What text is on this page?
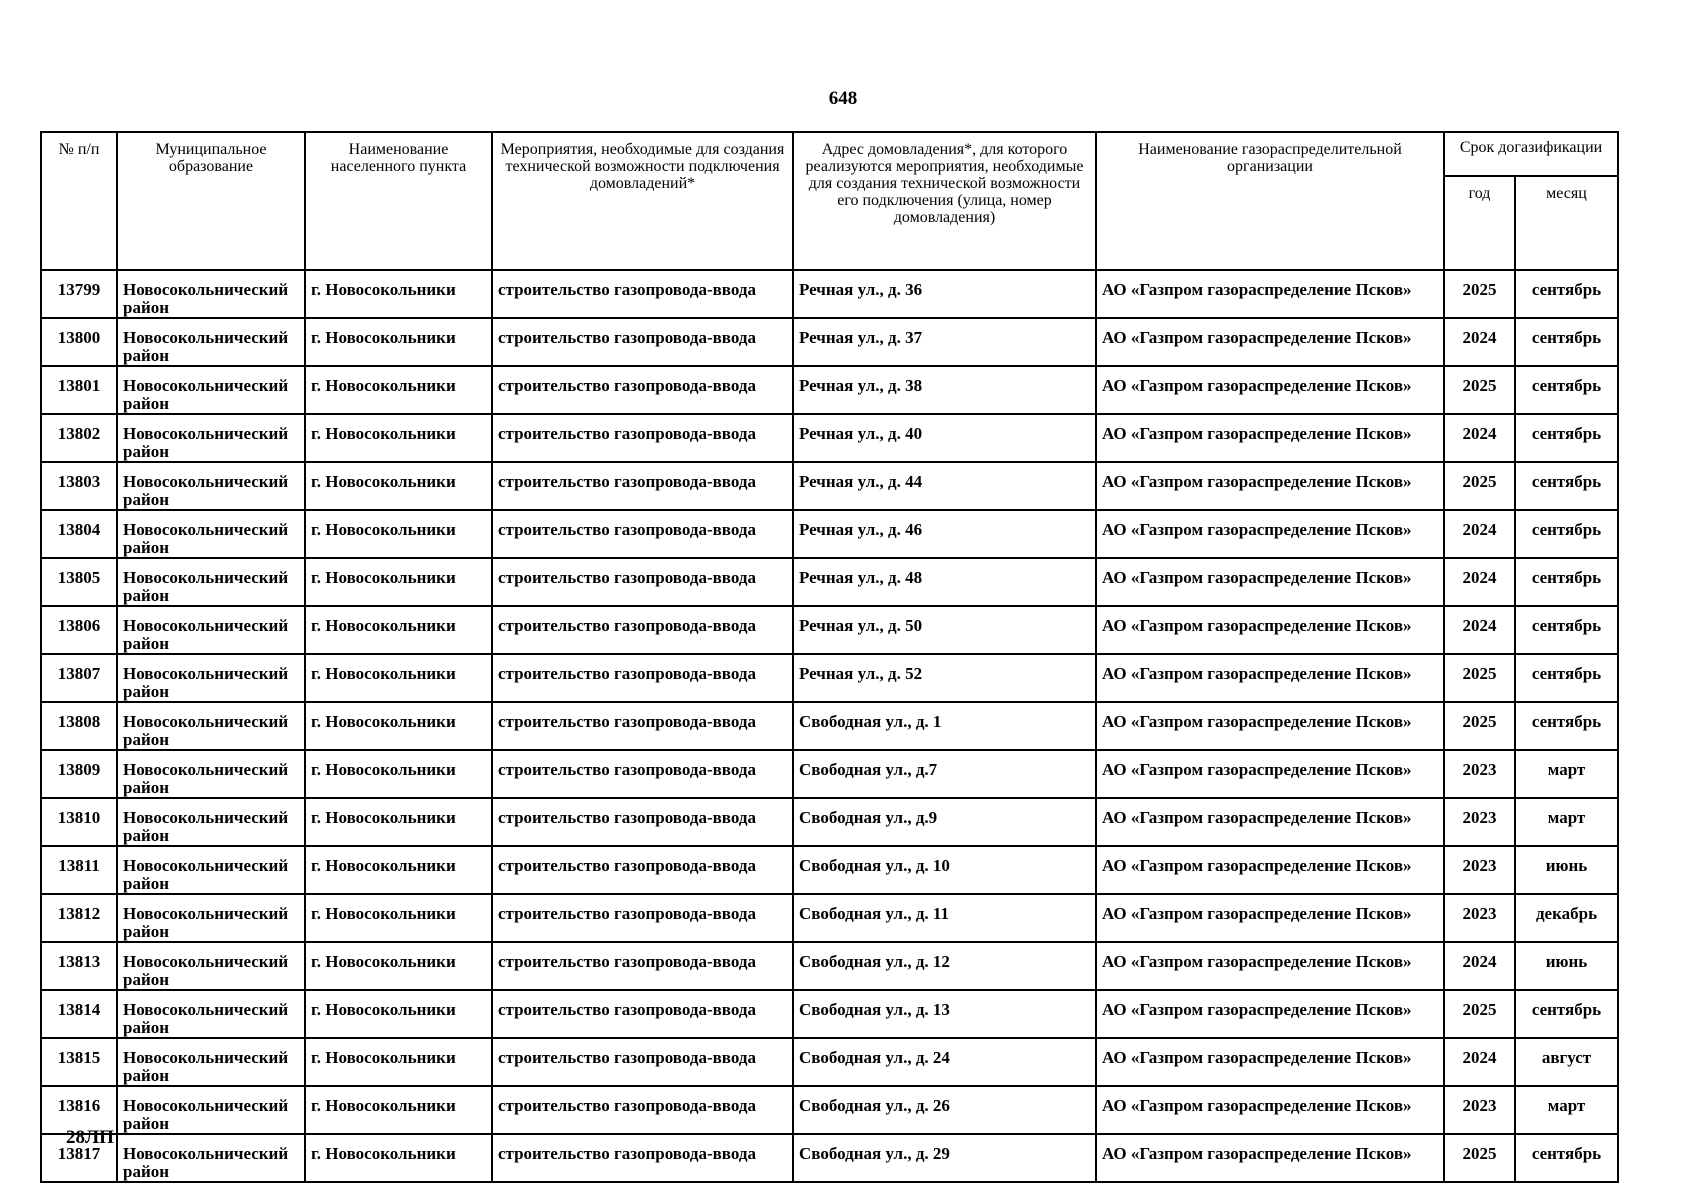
648
№ п/п	Муниципальное образование	Наименование населенного пункта	Мероприятия, необходимые для создания технической возможности подключения домовладений*	Адрес домовладения*, для которого реализуются мероприятия, необходимые для создания технической возможности его подключения (улица, номер домовладения)	Наименование газораспределительной организации	Срок догазификации	
						год	месяц
13799	Новосокольнический район	г. Новосокольники	строительство газопровода-ввода	Речная ул., д. 36	АО «Газпром газораспределение Псков»	2025	сентябрь
13800	Новосокольнический район	г. Новосокольники	строительство газопровода-ввода	Речная ул., д. 37	АО «Газпром газораспределение Псков»	2024	сентябрь
13801	Новосокольнический район	г. Новосокольники	строительство газопровода-ввода	Речная ул., д. 38	АО «Газпром газораспределение Псков»	2025	сентябрь
13802	Новосокольнический район	г. Новосокольники	строительство газопровода-ввода	Речная ул., д. 40	АО «Газпром газораспределение Псков»	2024	сентябрь
13803	Новосокольнический район	г. Новосокольники	строительство газопровода-ввода	Речная ул., д. 44	АО «Газпром газораспределение Псков»	2025	сентябрь
13804	Новосокольнический район	г. Новосокольники	строительство газопровода-ввода	Речная ул., д. 46	АО «Газпром газораспределение Псков»	2024	сентябрь
13805	Новосокольнический район	г. Новосокольники	строительство газопровода-ввода	Речная ул., д. 48	АО «Газпром газораспределение Псков»	2024	сентябрь
13806	Новосокольнический район	г. Новосокольники	строительство газопровода-ввода	Речная ул., д. 50	АО «Газпром газораспределение Псков»	2024	сентябрь
13807	Новосокольнический район	г. Новосокольники	строительство газопровода-ввода	Речная ул., д. 52	АО «Газпром газораспределение Псков»	2025	сентябрь
13808	Новосокольнический район	г. Новосокольники	строительство газопровода-ввода	Свободная ул., д. 1	АО «Газпром газораспределение Псков»	2025	сентябрь
13809	Новосокольнический район	г. Новосокольники	строительство газопровода-ввода	Свободная ул., д.7	АО «Газпром газораспределение Псков»	2023	март
13810	Новосокольнический район	г. Новосокольники	строительство газопровода-ввода	Свободная ул., д.9	АО «Газпром газораспределение Псков»	2023	март
13811	Новосокольнический район	г. Новосокольники	строительство газопровода-ввода	Свободная ул., д. 10	АО «Газпром газораспределение Псков»	2023	июнь
13812	Новосокольнический район	г. Новосокольники	строительство газопровода-ввода	Свободная ул., д. 11	АО «Газпром газораспределение Псков»	2023	декабрь
13813	Новосокольнический район	г. Новосокольники	строительство газопровода-ввода	Свободная ул., д. 12	АО «Газпром газораспределение Псков»	2024	июнь
13814	Новосокольнический район	г. Новосокольники	строительство газопровода-ввода	Свободная ул., д. 13	АО «Газпром газораспределение Псков»	2025	сентябрь
13815	Новосокольнический район	г. Новосокольники	строительство газопровода-ввода	Свободная ул., д. 24	АО «Газпром газораспределение Псков»	2024	август
13816	Новосокольнический район	г. Новосокольники	строительство газопровода-ввода	Свободная ул., д. 26	АО «Газпром газораспределение Псков»	2023	март
13817	Новосокольнический район	г. Новосокольники	строительство газопровода-ввода	Свободная ул., д. 29	АО «Газпром газораспределение Псков»	2025	сентябрь
28ЛП
